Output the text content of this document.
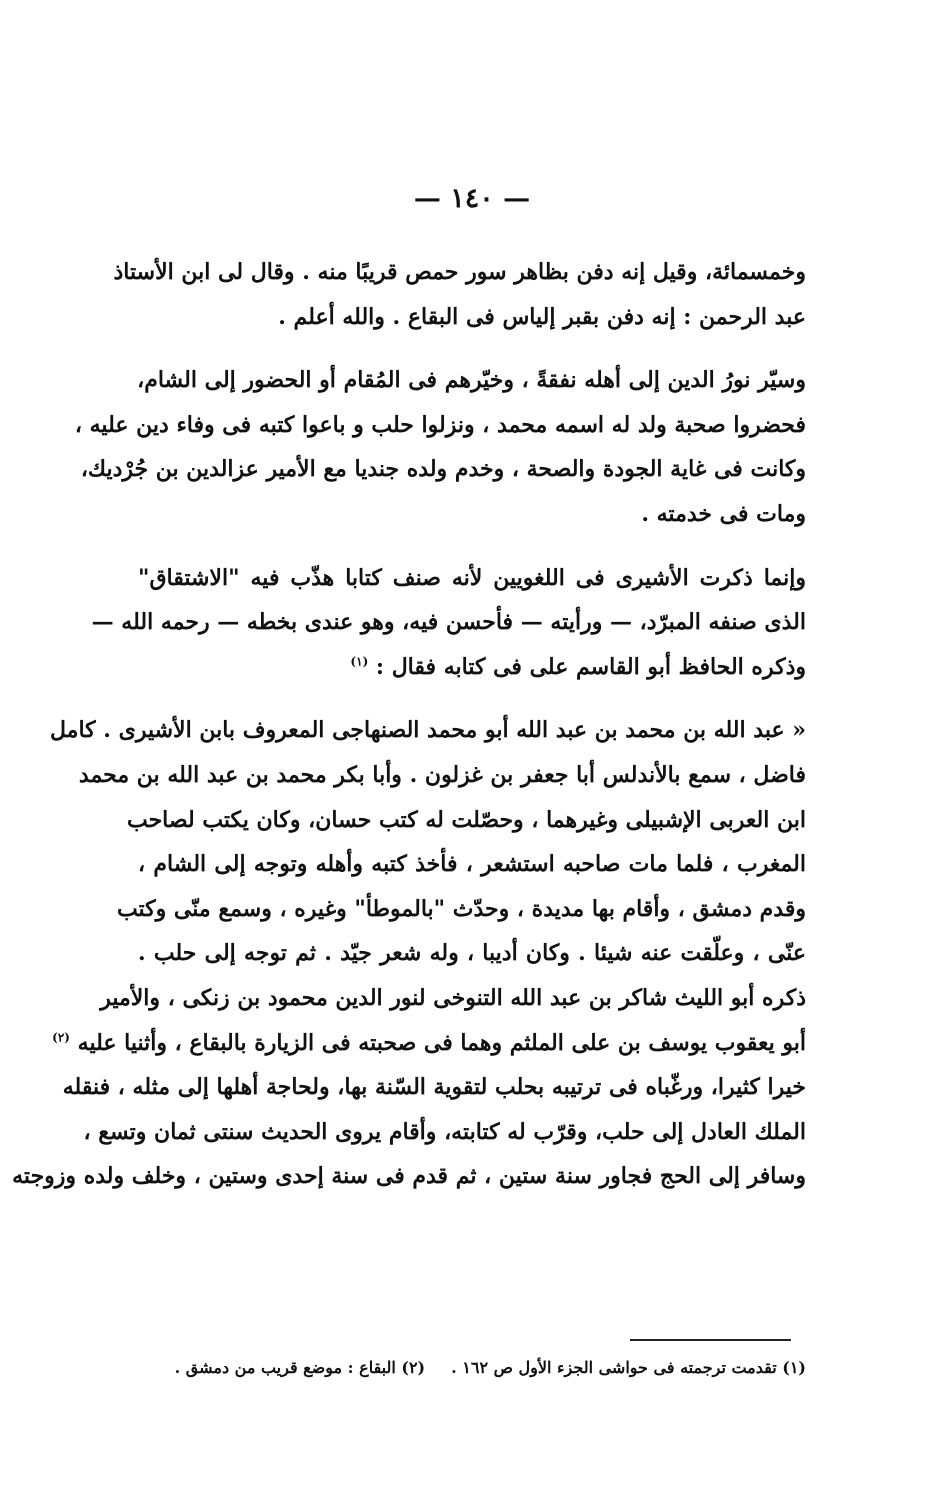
— ١٤٠ —
وخمسمائة، وقيل إنه دفن بظاهر سور حمص قريبًا منه . وقال لى ابن الأستاذ
عبد الرحمن : إنه دفن بقبر إلياس فى البقاع . والله أعلم .
وسيّر نورُ الدين إلى أهله نفقةً ، وخيّرهم فى المُقام أو الحضور إلى الشام،
فحضروا صحبة ولد له اسمه محمد ، ونزلوا حلب و باعوا كتبه فى وفاء دين عليه ،
وكانت فى غاية الجودة والصحة ، وخدم ولده جنديا مع الأمير عزالدين بن جُرْديك،
ومات فى خدمته .
وإنما ذكرت الأشيرى فى اللغويين لأنه صنف كتابا هذّب فيه "الاشتقاق"
الذى صنفه المبرّد، — ورأيته — فأحسن فيه، وهو عندى بخطه — رحمه الله —
وذكره الحافظ أبو القاسم على فى كتابه فقال : $^{(١)}$
« عبد الله بن محمد بن عبد الله أبو محمد الصنهاجى المعروف بابن الأشيرى . كامل
فاضل ، سمع بالأندلس أبا جعفر بن غزلون . وأبا بكر محمد بن عبد الله بن محمد
ابن العربى الإشبيلى وغيرهما ، وحصّلت له كتب حسان، وكان يكتب لصاحب
المغرب ، فلما مات صاحبه استشعر ، فأخذ كتبه وأهله وتوجه إلى الشام ،
وقدم دمشق ، وأقام بها مديدة ، وحدّث "بالموطأ" وغيره ، وسمع منّى وكتب
عنّى ، وعلّقت عنه شيئا . وكان أديبا ، وله شعر جيّد . ثم توجه إلى حلب .
ذكره أبو الليث شاكر بن عبد الله التنوخى لنور الدين محمود بن زنكى ، والأمير
أبو يعقوب يوسف بن على الملثم وهما فى صحبته فى الزيارة بالبقاع ، وأثنيا عليه $^{(٢)}$
خيرا كثيرا، ورغّباه فى ترتيبه بحلب لتقوية السّنة بها، ولحاجة أهلها إلى مثله ، فنقله
الملك العادل إلى حلب، وقرّب له كتابته، وأقام يروى الحديث سنتى ثمان وتسع ،
وسافر إلى الحج فجاور سنة ستين ، ثم قدم فى سنة إحدى وستين ، وخلف ولده وزوجته
(١) تقدمت ترجمته فى حواشى الجزء الأول ص ١٦٢ .(٢) البقاع : موضع قريب من دمشق .
